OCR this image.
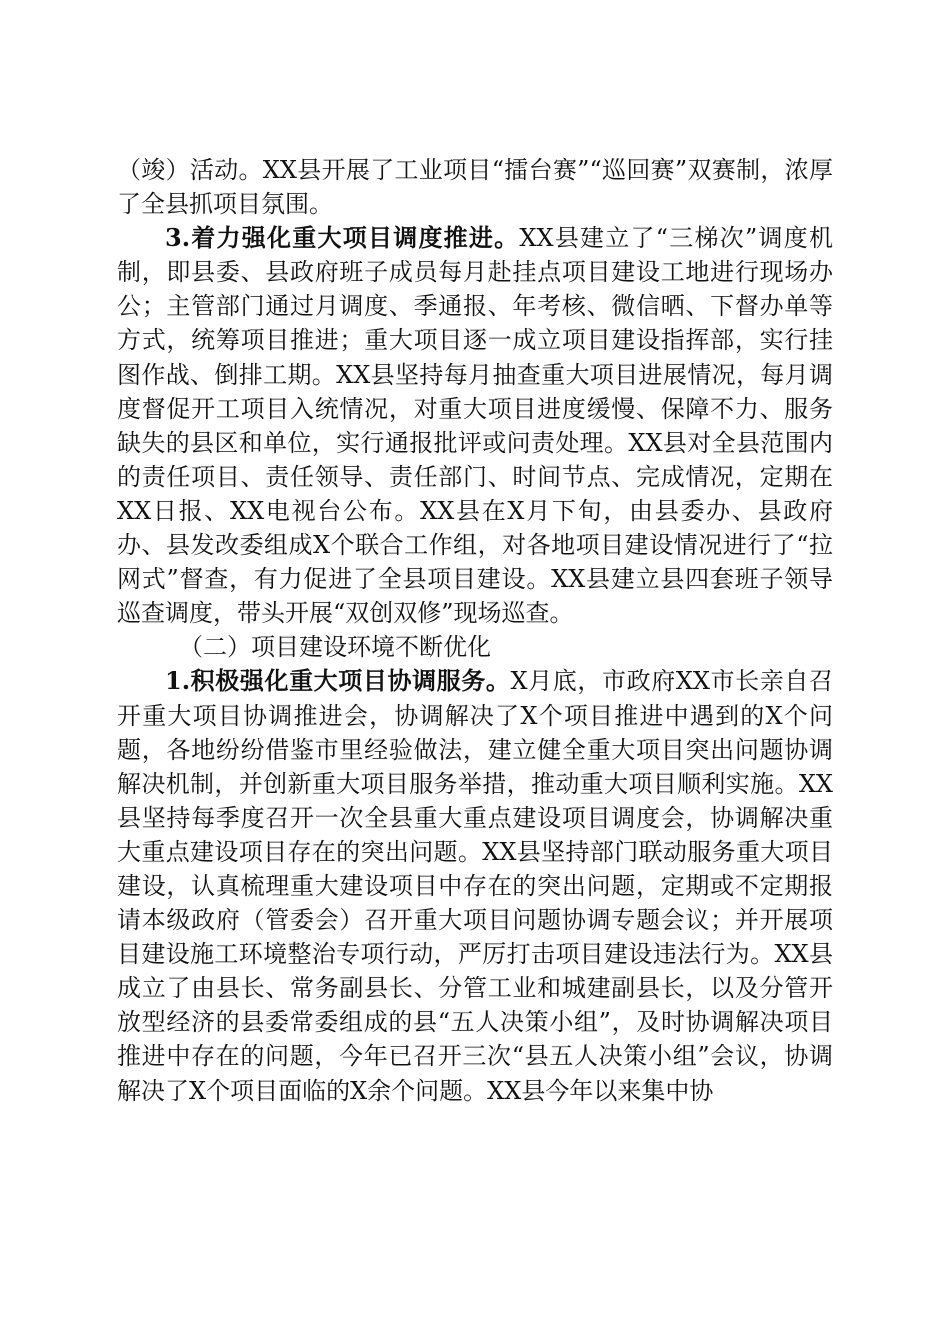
（竣）活动。XX县开展了工业项目“擂台赛”“巡回赛”双赛制，浓厚了全县抓项目氛围。

3.着力强化重大项目调度推进。XX县建立了“三梯次”调度机制，即县委、县政府班子成员每月赴挂点项目建设工地进行现场办公；主管部门通过月调度、季通报、年考核、微信晒、下督办单等方式，统筹项目推进；重大项目逐一成立项目建设指挥部，实行挂图作战、倒排工期。XX县坚持每月抽查重大项目进展情况，每月调度督促开工项目入统情况，对重大项目进度缓慢、保障不力、服务缺失的县区和单位，实行通报批评或问责处理。XX县对全县范围内的责任项目、责任领导、责任部门、时间节点、完成情况，定期在XX日报、XX电视台公布。XX县在X月下旬，由县委办、县政府办、县发改委组成X个联合工作组，对各地项目建设情况进行了“拉网式”督查，有力促进了全县项目建设。XX县建立县四套班子领导巡查调度，带头开展“双创双修”现场巡查。

（二）项目建设环境不断优化

1.积极强化重大项目协调服务。X月底，市政府XX市长亲自召开重大项目协调推进会，协调解决了X个项目推进中遇到的X个问题，各地纷纷借鉴市里经验做法，建立健全重大项目突出问题协调解决机制，并创新重大项目服务举措，推动重大项目顺利实施。XX县坚持每季度召开一次全县重大重点建设项目调度会，协调解决重大重点建设项目存在的突出问题。XX县坚持部门联动服务重大项目建设，认真梳理重大建设项目中存在的突出问题，定期或不定期报请本级政府（管委会）召开重大项目问题协调专题会议；并开展项目建设施工环境整治专项行动，严厉打击项目建设违法行为。XX县成立了由县长、常务副县长、分管工业和城建副县长，以及分管开放型经济的县委常委组成的县“五人决策小组”，及时协调解决项目推进中存在的问题，今年已召开三次“县五人决策小组”会议，协调解决了X个项目面临的X余个问题。XX县今年以来集中协
